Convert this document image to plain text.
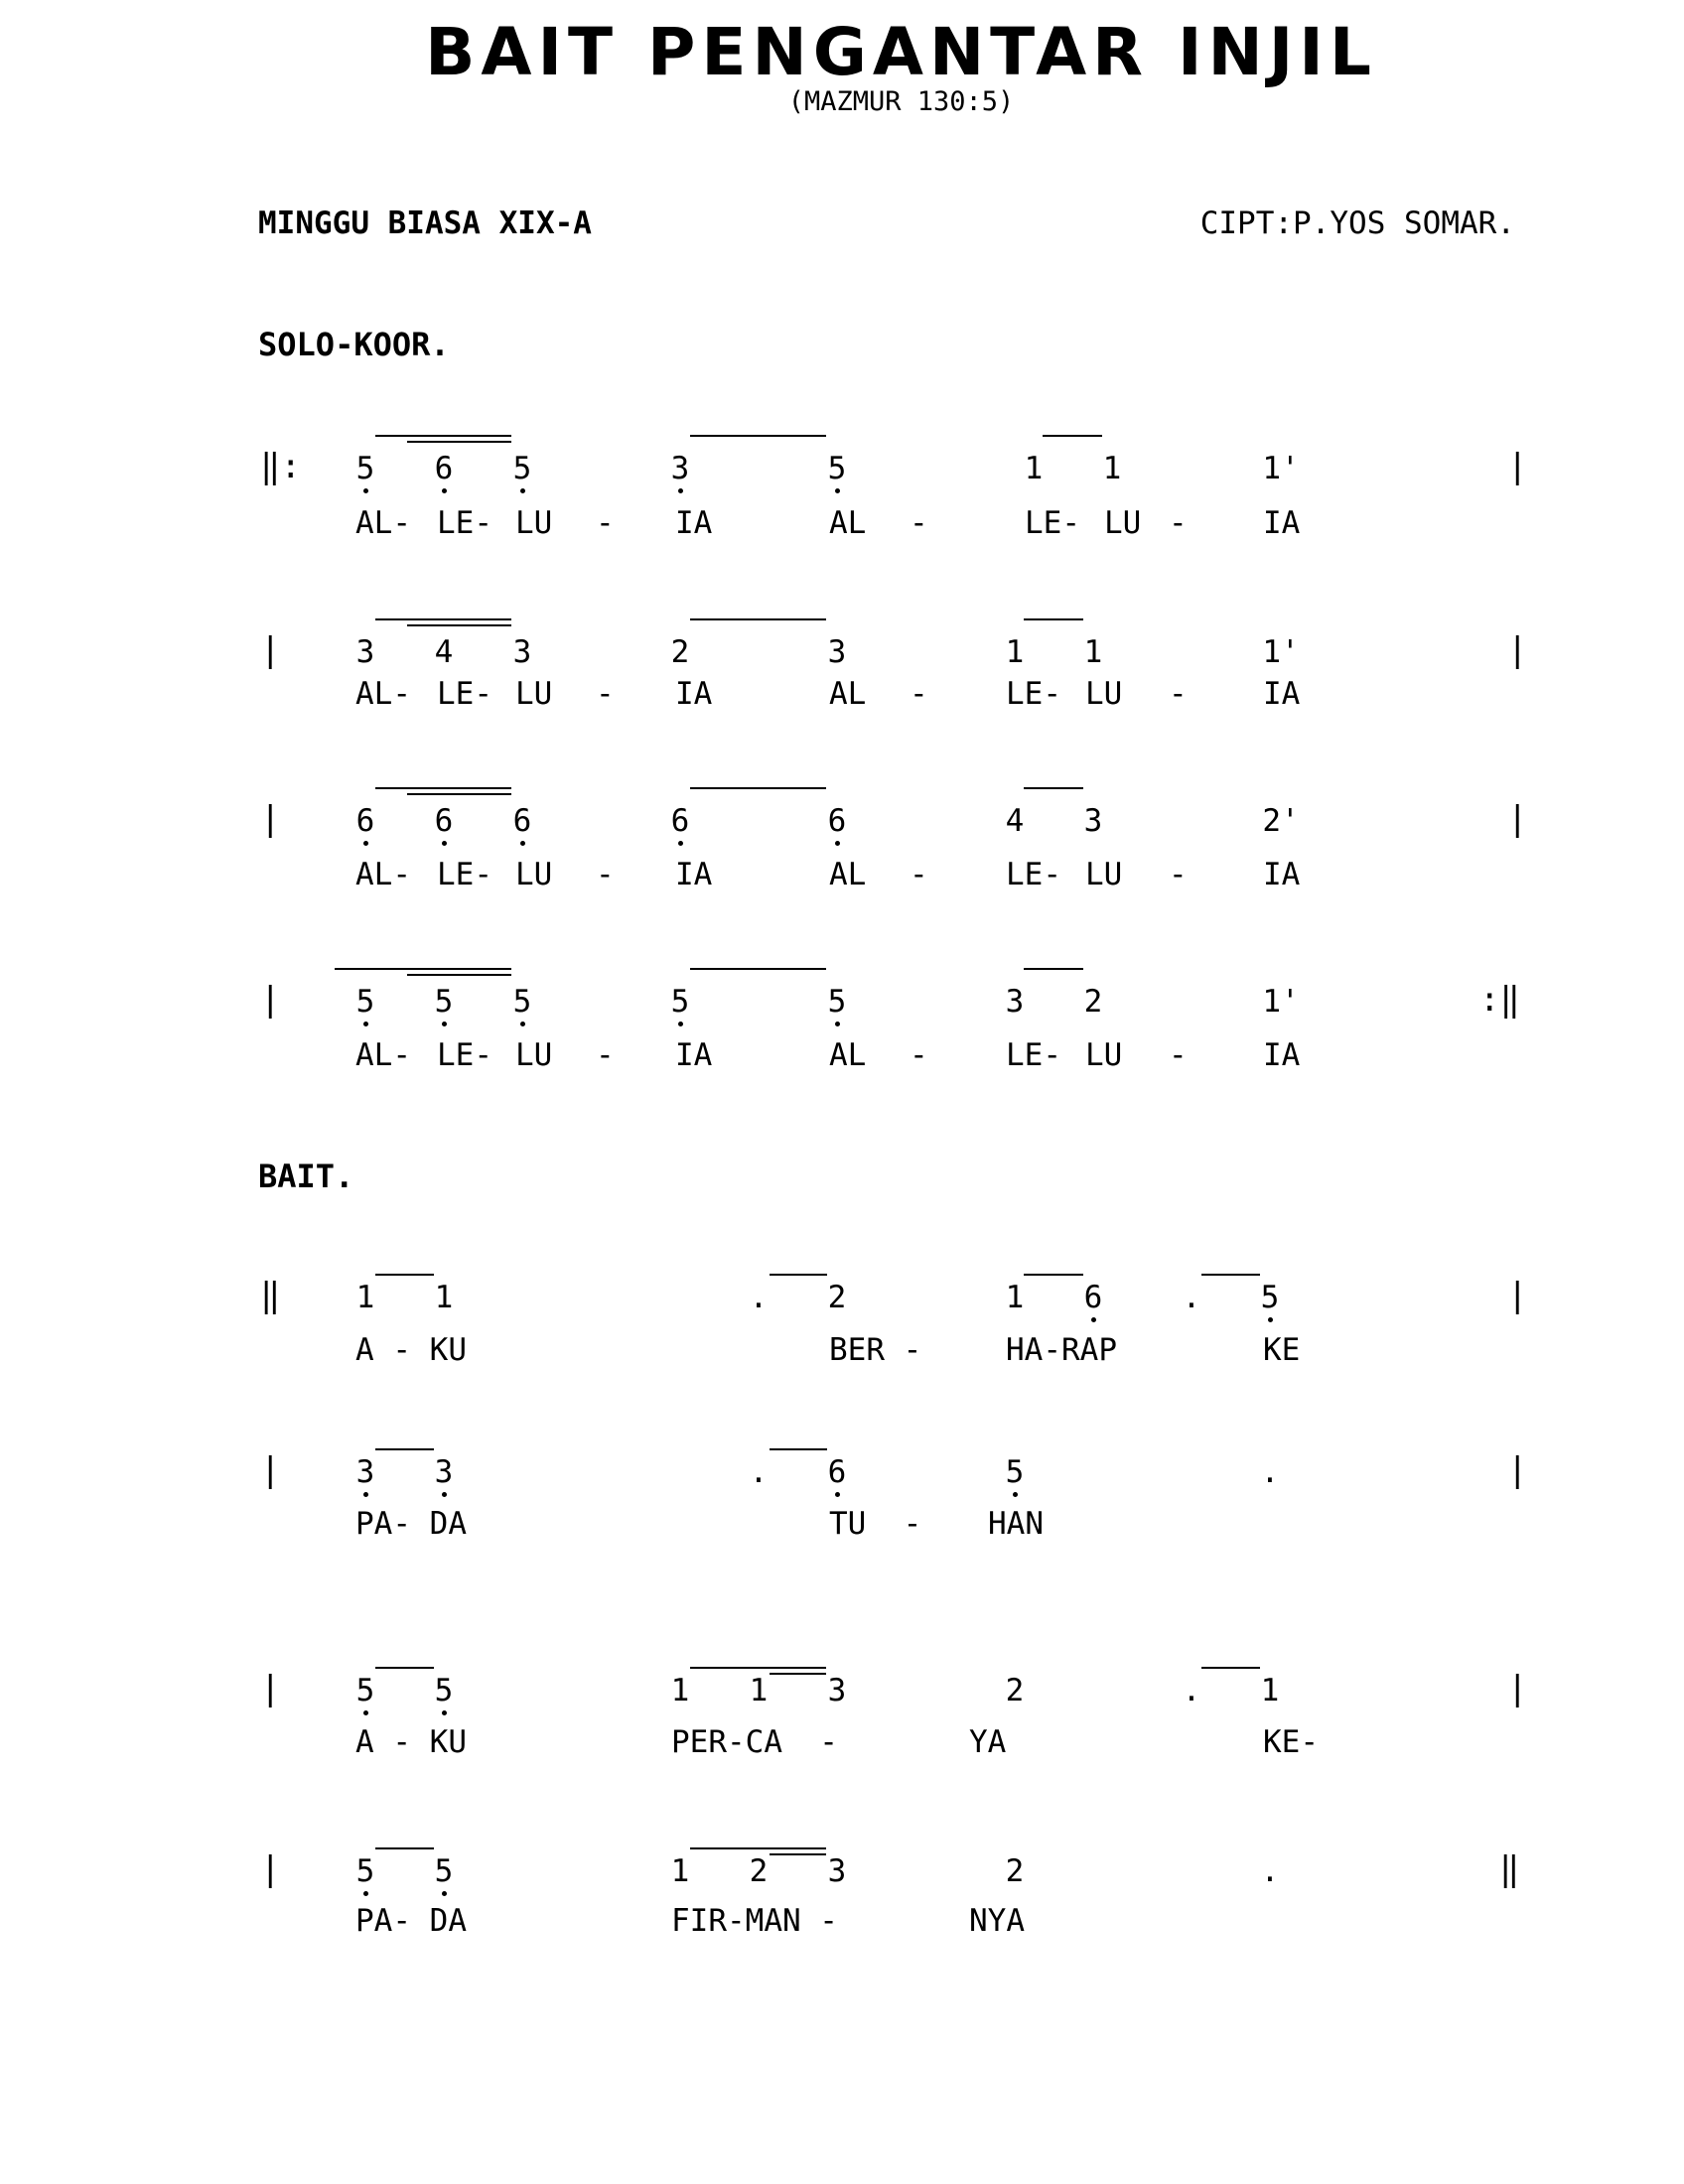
BAIT PENGANTAR INJIL
(MAZMUR 130:5)
MINGGU BIASA XIX-A	CIPT:P.YOS SOMAR.
SOLO-KOOR.
BAIT.
‖:	|
5 6 5	3	5	1 1	1'
AL- LE- LU - IA	AL -	LE- LU - IA
|	|
3 4 3	2	3	1 1	1'
AL- LE- LU - IA	AL -	LE- LU - IA
|	|
6 6 6	6	6	4 3	2'
AL- LE- LU - IA	AL -	LE- LU - IA
|	:‖
5 5 5	5	5	3 2	1'
AL- LE- LU - IA	AL -	LE- LU - IA
‖	|
1 1	. 2	1 6	. 5
A - KU	BER -	HA-RAP	KE
|	|
3 3	. 6	5	.
PA- DA	TU  - HAN
|	|
5 5	1 1 3	2	. 1
A - KU	PER-CA  -	YA	KE-
|	‖
5 5	1 2 3	2	.
PA- DA	FIR-MAN -	NYA
